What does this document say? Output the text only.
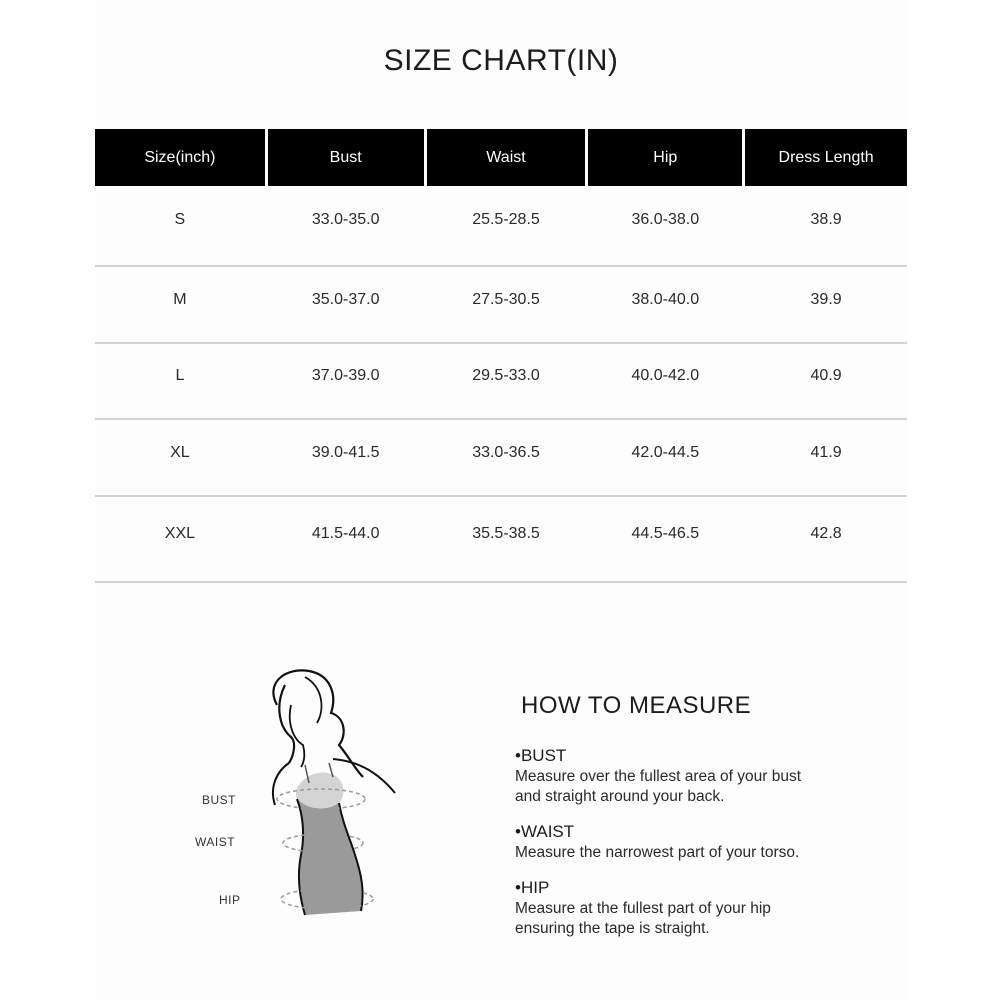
SIZE CHART(IN)
Size(inch)	Bust	Waist	Hip	Dress Length
S	33.0-35.0	25.5-28.5	36.0-38.0	38.9
M	35.0-37.0	27.5-30.5	38.0-40.0	39.9
L	37.0-39.0	29.5-33.0	40.0-42.0	40.9
XL	39.0-41.5	33.0-36.5	42.0-44.5	41.9
XXL	41.5-44.0	35.5-38.5	44.5-46.5	42.8
BUST
WAIST
HIP
HOW TO MEASURE
•BUST
Measure over the fullest area of your bust
and straight around your back.
•WAIST
Measure the narrowest part of your torso.
•HIP
Measure at the fullest part of your hip
ensuring the tape is straight.
